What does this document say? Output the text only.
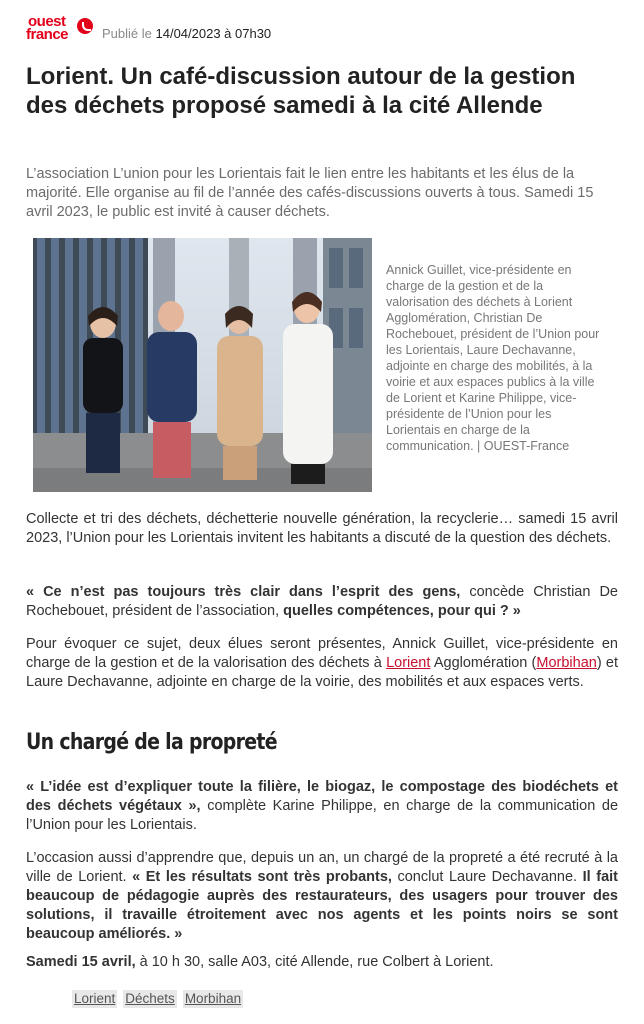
ouest
france	Publié le 14/04/2023 à 07h30
Lorient. Un café-discussion autour de la gestion des déchets proposé samedi à la cité Allende

L’association L’union pour les Lorientais fait le lien entre les habitants et les élus de la majorité. Elle organise au fil de l’année des cafés-discussions ouverts à tous. Samedi 15 avril 2023, le public est invité à causer déchets.

Annick Guillet, vice-présidente en charge de la gestion et de la valorisation des déchets à Lorient Agglomération, Christian De Rochebouet, président de l’Union pour les Lorientais, Laure Dechavanne, adjointe en charge des mobilités, à la voirie et aux espaces publics à la ville de Lorient et Karine Philippe, vice-présidente de l’Union pour les Lorientais en charge de la communication. | OUEST-France

Collecte et tri des déchets, déchetterie nouvelle génération, la recyclerie… samedi 15 avril 2023, l’Union pour les Lorientais invitent les habitants a discuté de la question des déchets.

« Ce n’est pas toujours très clair dans l’esprit des gens, concède Christian De Rochebouet, président de l’association, quelles compétences, pour qui ? »

Pour évoquer ce sujet, deux élues seront présentes, Annick Guillet, vice-présidente en charge de la gestion et de la valorisation des déchets à Lorient Agglomération (Morbihan) et Laure Dechavanne, adjointe en charge de la voirie, des mobilités et aux espaces verts.

Un chargé de la propreté

« L’idée est d’expliquer toute la filière, le biogaz, le compostage des biodéchets et des déchets végétaux », complète Karine Philippe, en charge de la communication de l’Union pour les Lorientais.

L’occasion aussi d’apprendre que, depuis un an, un chargé de la propreté a été recruté à la ville de Lorient. « Et les résultats sont très probants, conclut Laure Dechavanne. Il fait beaucoup de pédagogie auprès des restaurateurs, des usagers pour trouver des solutions, il travaille étroitement avec nos agents et les points noirs se sont beaucoup améliorés. »

Samedi 15 avril, à 10 h 30, salle A03, cité Allende, rue Colbert à Lorient.

Lorient Déchets Morbihan
